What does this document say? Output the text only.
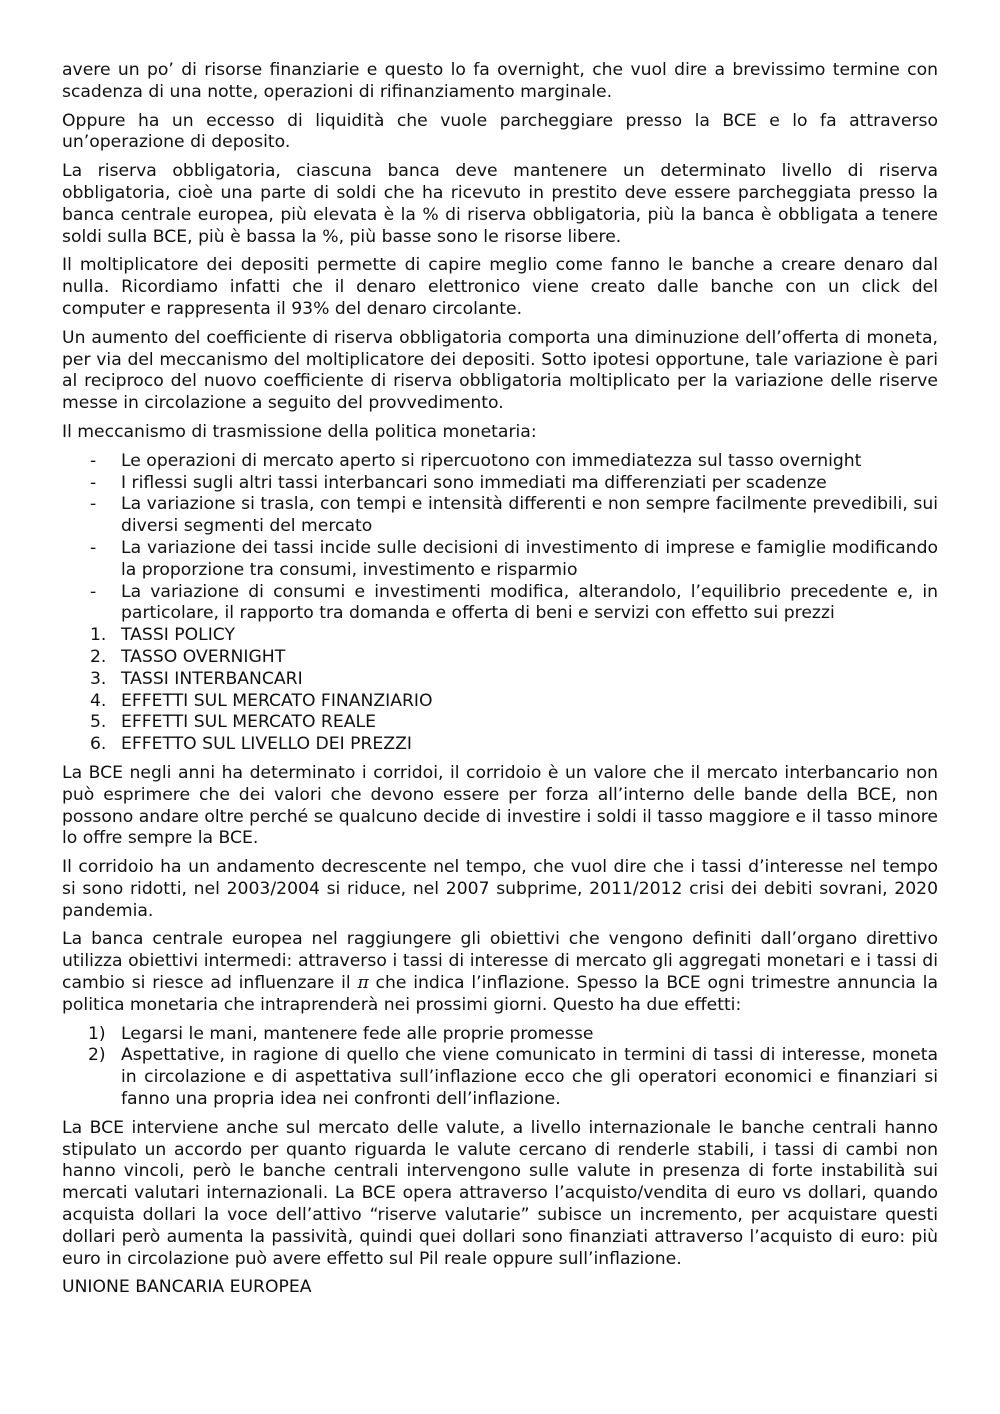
avere un po’ di risorse finanziarie e questo lo fa overnight, che vuol dire a brevissimo termine con scadenza di una notte, operazioni di rifinanziamento marginale.

Oppure ha un eccesso di liquidità che vuole parcheggiare presso la BCE e lo fa attraverso un’operazione di deposito.

La riserva obbligatoria, ciascuna banca deve mantenere un determinato livello di riserva obbligatoria, cioè una parte di soldi che ha ricevuto in prestito deve essere parcheggiata presso la banca centrale europea, più elevata è la % di riserva obbligatoria, più la banca è obbligata a tenere soldi sulla BCE, più è bassa la %, più basse sono le risorse libere.

Il moltiplicatore dei depositi permette di capire meglio come fanno le banche a creare denaro dal nulla. Ricordiamo infatti che il denaro elettronico viene creato dalle banche con un click del computer e rappresenta il 93% del denaro circolante.

Un aumento del coefficiente di riserva obbligatoria comporta una diminuzione dell’offerta di moneta, per via del meccanismo del moltiplicatore dei depositi. Sotto ipotesi opportune, tale variazione è pari al reciproco del nuovo coefficiente di riserva obbligatoria moltiplicato per la variazione delle riserve messe in circolazione a seguito del provvedimento.

Il meccanismo di trasmissione della politica monetaria:

- Le operazioni di mercato aperto si ripercuotono con immediatezza sul tasso overnight
- I riflessi sugli altri tassi interbancari sono immediati ma differenziati per scadenze
- La variazione si trasla, con tempi e intensità differenti e non sempre facilmente prevedibili, sui diversi segmenti del mercato
- La variazione dei tassi incide sulle decisioni di investimento di imprese e famiglie modificando la proporzione tra consumi, investimento e risparmio
- La variazione di consumi e investimenti modifica, alterandolo, l’equilibrio precedente e, in particolare, il rapporto tra domanda e offerta di beni e servizi con effetto sui prezzi
1. TASSI POLICY
2. TASSO OVERNIGHT
3. TASSI INTERBANCARI
4. EFFETTI SUL MERCATO FINANZIARIO
5. EFFETTI SUL MERCATO REALE
6. EFFETTO SUL LIVELLO DEI PREZZI

La BCE negli anni ha determinato i corridoi, il corridoio è un valore che il mercato interbancario non può esprimere che dei valori che devono essere per forza all’interno delle bande della BCE, non possono andare oltre perché se qualcuno decide di investire i soldi il tasso maggiore e il tasso minore lo offre sempre la BCE.

Il corridoio ha un andamento decrescente nel tempo, che vuol dire che i tassi d’interesse nel tempo si sono ridotti, nel 2003/2004 si riduce, nel 2007 subprime, 2011/2012 crisi dei debiti sovrani, 2020 pandemia.

La banca centrale europea nel raggiungere gli obiettivi che vengono definiti dall’organo direttivo utilizza obiettivi intermedi: attraverso i tassi di interesse di mercato gli aggregati monetari e i tassi di cambio si riesce ad influenzare il π che indica l’inflazione. Spesso la BCE ogni trimestre annuncia la politica monetaria che intraprenderà nei prossimi giorni. Questo ha due effetti:

1) Legarsi le mani, mantenere fede alle proprie promesse
2) Aspettative, in ragione di quello che viene comunicato in termini di tassi di interesse, moneta in circolazione e di aspettativa sull’inflazione ecco che gli operatori economici e finanziari si fanno una propria idea nei confronti dell’inflazione.

La BCE interviene anche sul mercato delle valute, a livello internazionale le banche centrali hanno stipulato un accordo per quanto riguarda le valute cercano di renderle stabili, i tassi di cambi non hanno vincoli, però le banche centrali intervengono sulle valute in presenza di forte instabilità sui mercati valutari internazionali. La BCE opera attraverso l’acquisto/vendita di euro vs dollari, quando acquista dollari la voce dell’attivo “riserve valutarie” subisce un incremento, per acquistare questi dollari però aumenta la passività, quindi quei dollari sono finanziati attraverso l’acquisto di euro: più euro in circolazione può avere effetto sul Pil reale oppure sull’inflazione.

UNIONE BANCARIA EUROPEA
